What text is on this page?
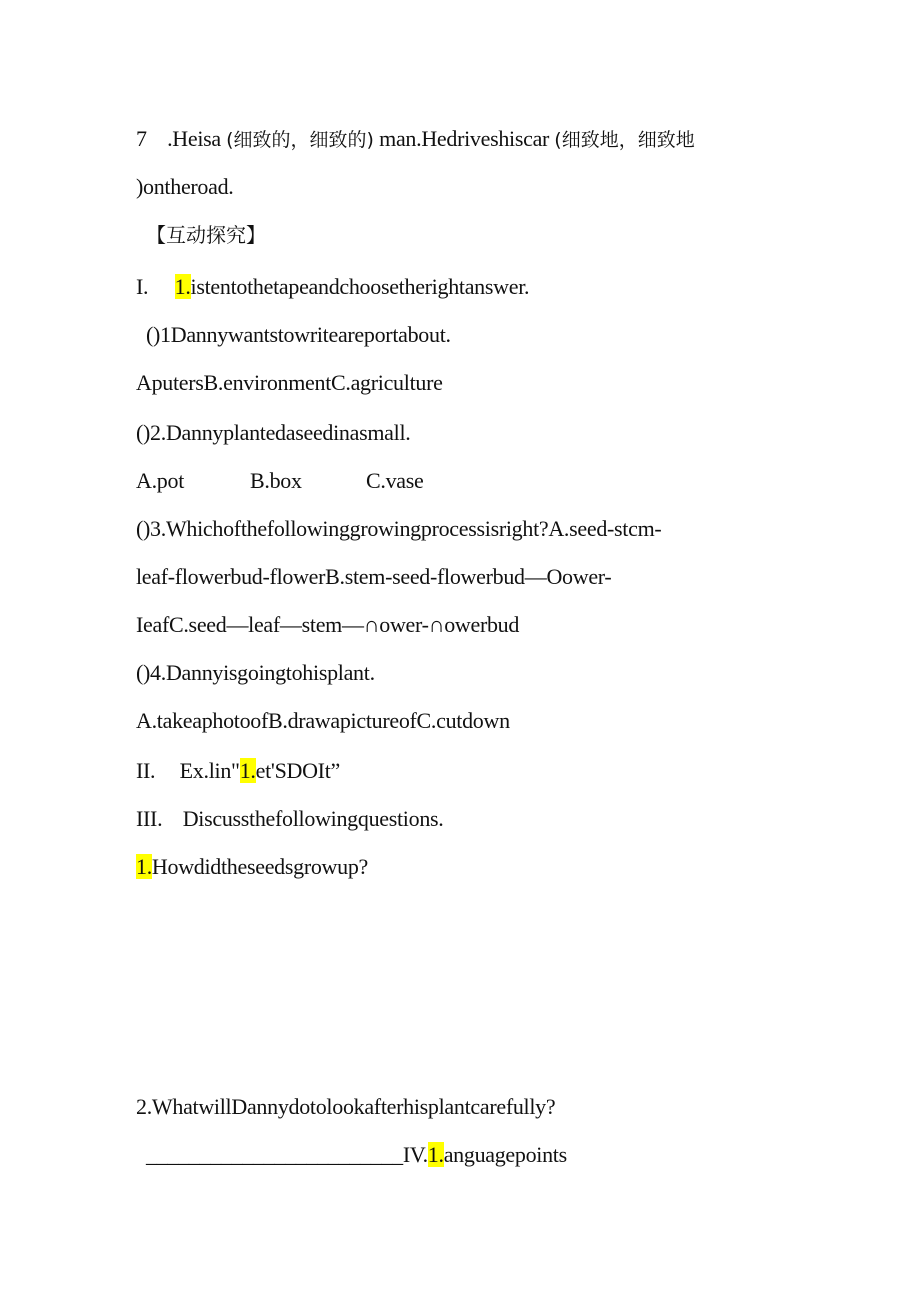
7 .Heisa (细致的，细致的) man.Hedriveshiscar (细致地，细致地
)ontheroad.
【互动探究】
I. 1.istentothetapeandchoosetherightanswer.
()1Dannywantstowriteareportabout.
AputersB.environmentC.agriculture
()2.Dannyplantedaseedinasmall.
A.pot	B.box	C.vase
()3.Whichofthefollowinggrowingprocessisright?A.seed-stcm-
leaf-flowerbud-flowerB.stem-seed-flowerbud—Oower-
IeafC.seed—leaf—stem—∩ower-∩owerbud
()4.Dannyisgoingtohisplant.
A.takeaphotoofB.drawapictureofC.cutdown
II. Ex.lin"1.et'SDOIt”
III. Discussthefollowingquestions.
1.Howdidtheseedsgrowup?
2.WhatwillDannydotolookafterhisplantcarefully?
________________________IV.1.anguagepoints
